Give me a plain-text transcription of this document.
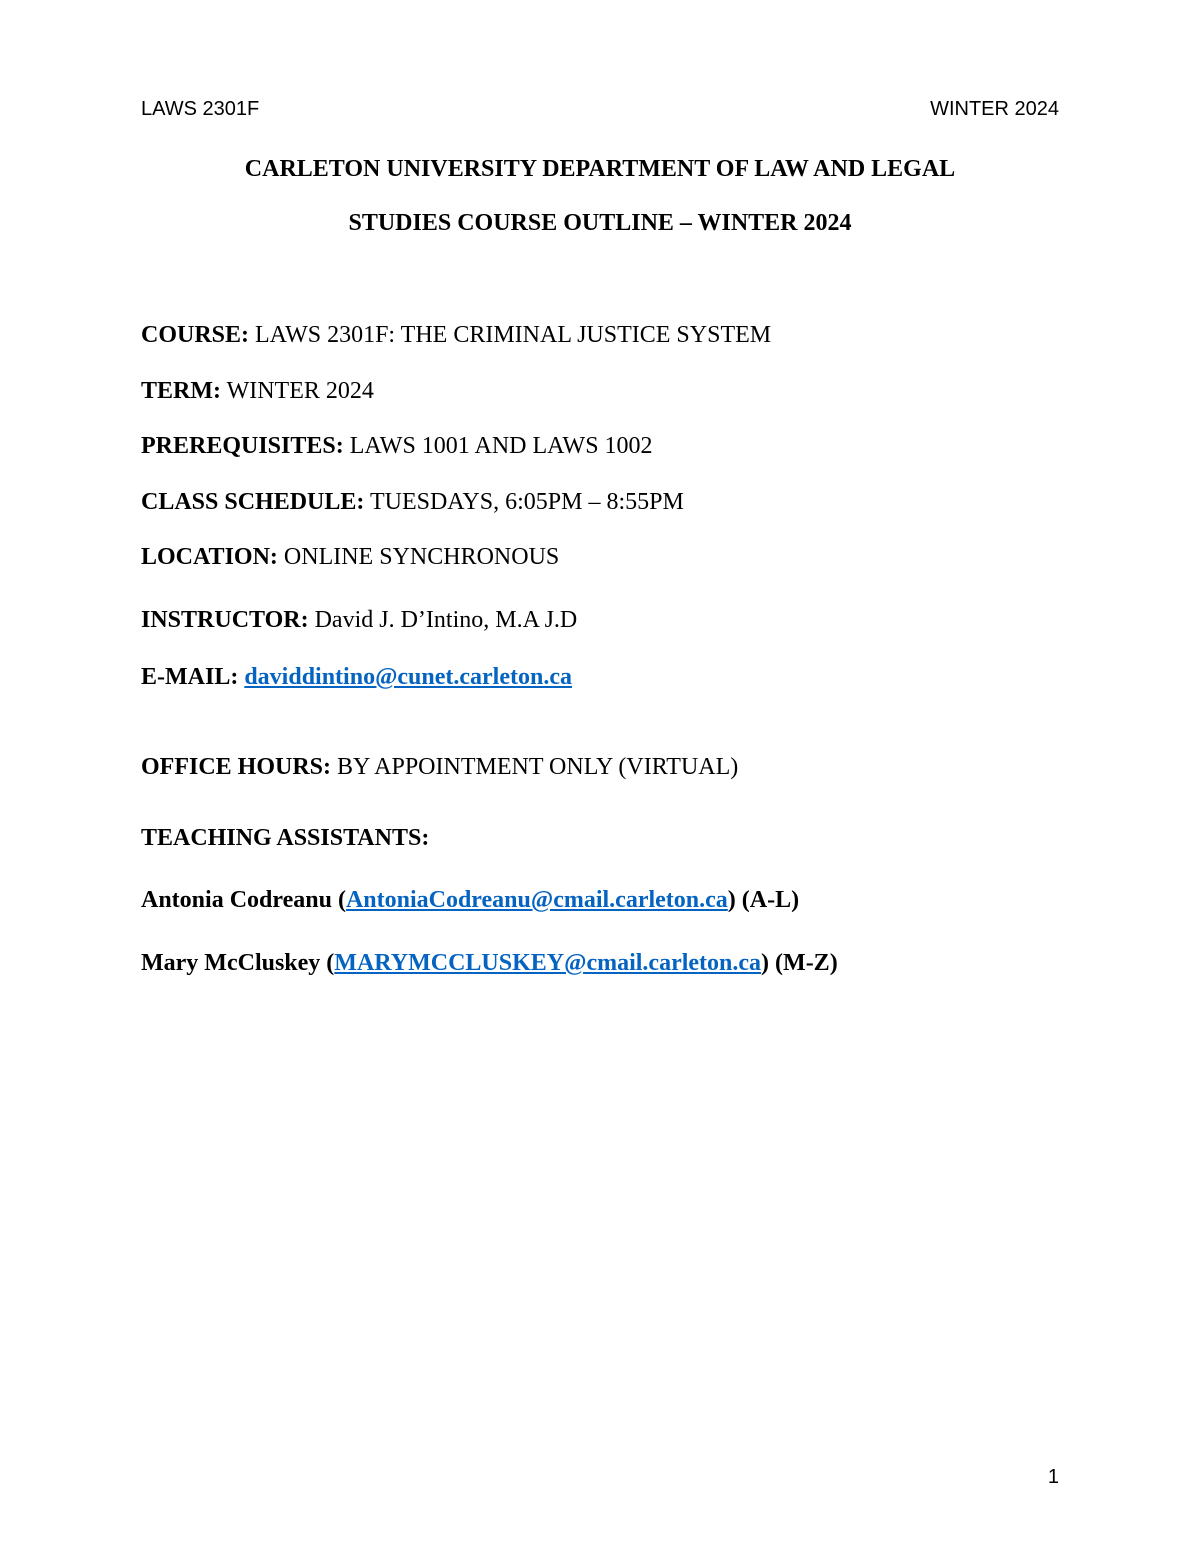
LAWS 2301F	WINTER 2024
CARLETON UNIVERSITY DEPARTMENT OF LAW AND LEGAL
STUDIES COURSE OUTLINE – WINTER 2024
COURSE: LAWS 2301F: THE CRIMINAL JUSTICE SYSTEM
TERM: WINTER 2024
PREREQUISITES: LAWS 1001 AND LAWS 1002
CLASS SCHEDULE: TUESDAYS, 6:05PM – 8:55PM
LOCATION: ONLINE SYNCHRONOUS
INSTRUCTOR: David J. D’Intino, M.A J.D
E-MAIL: daviddintino@cunet.carleton.ca
OFFICE HOURS: BY APPOINTMENT ONLY (VIRTUAL)
TEACHING ASSISTANTS:
Antonia Codreanu (AntoniaCodreanu@cmail.carleton.ca) (A-L)
Mary McCluskey (MARYMCCLUSKEY@cmail.carleton.ca) (M-Z)
1
